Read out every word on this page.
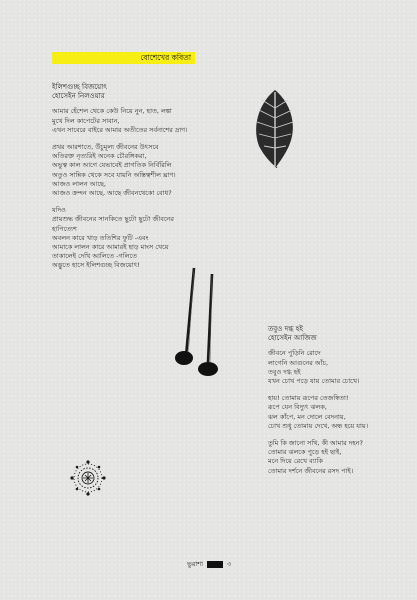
বোশেখের কবিতা

ইলিশগুচ্ছ বিজয়োৎ

হোসেইন নিলওয়ার

আমার হেঁশেল থেকে কেউ নিয়ে নুন, হাত, লঙ্কা

মুখে দিল কাপেটের সাবান,

এখন সাবেরে বাইরে আমার অতীতের সর্বনাশের দ্রাণ।

প্রথর আরশাতে, উঁচুমূল্য জীবনের উৎসবে

অতিরক্ত নৃত্যরিই অনেক চৌরঙ্গিকরা,

অভুত্ব কাল আগে যেভাবেই প্রাগতিক নির্বিরিলি

অতুও সান্নিক থেকে সবে যায়নি অস্তিত্বশীল ঘ্রাণ।

আজও লালন আছে,

আজও ক্রন্দন আছে, আছে জীবনথেকো বোধ?

যদিও

প্রায়শুদ্ধ জীবনের সানকিতে ছুটো ছুটো জীবনের

হাপিত্যেশ

অবলন কারে খাড় ততিশির ফুটি -এবং

আমাকে লালন কারে আমারই হাড় মাংস খেয়ে

তাকালেই দেখি আলিতে -গলিতে

অদ্ভুতে হাসে ইলিশগুচ্ছ বিজয়োৎ!

তবুও দগ্ধ হই

হোসেইন আজিজ

জীবনে পুড়িনি রোদে

লাগেনি আগুনের আঁচ,

তবুও দগ্ধ হই

যখন চোখ পড়ে যায় তোমার চোখে।

হায়! তোমায় রূপের তেজস্বিতা!

রূপে যেন বিদ্যুৎ ঝলক,

ঝল কাঁপে, মন দোলে বেদনায়,

চোখ শুধু তোমায় দেখে, অন্ধ হয়ে যায়।

তুমি কি জানো সখি, কী আমার দহন?

তোমার ঝলকে পুড়ে হই ছাই,

মনে দিয়ে রেখে ব্যাকি

তোমার দর্শনে জীবনের রসদ পাই।

ভুরাশা	৩
